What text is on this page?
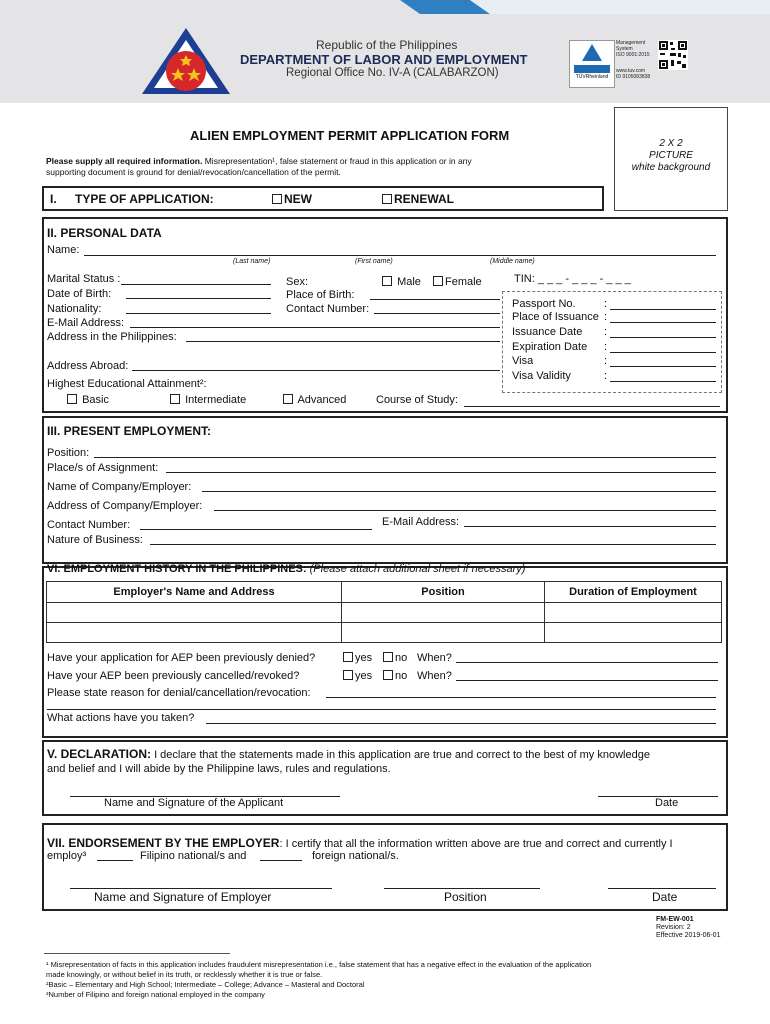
Republic of the Philippines
DEPARTMENT OF LABOR AND EMPLOYMENT
Regional Office No. IV-A (CALABARZON)	TÜVRheinland
Management
System
ISO 9001:2015
www.tuv.com
ID 9105083838
ALIEN EMPLOYMENT PERMIT APPLICATION FORM
Please supply all required information. Misrepresentation¹, false statement or fraud in this application or in any
supporting document is ground for denial/revocation/cancellation of the permit.
2 X 2
PICTURE
white background
I. TYPE OF APPLICATION:	NEW	RENEWAL
II. PERSONAL DATA
Name:
(Last name)	(First name)	(Middle name)
Marital Status :
Date of Birth:
Nationality:
E-Mail Address:
Address in the Philippines:
Address Abroad:
Highest Educational Attainment²:
Basic	Intermediate	Advanced	Course of Study:
Sex:	Male	Female
Place of Birth:
Contact Number:
TIN: _ _ _ - _ _ _ - _ _ _
Passport No.	:
Place of Issuance :
Issuance Date :
Expiration Date :
Visa	:
Visa Validity	:
III. PRESENT EMPLOYMENT:
Position:
Place/s of Assignment:
Name of Company/Employer:
Address of Company/Employer:
Contact Number:	E-Mail Address:
Nature of Business:
VI. EMPLOYMENT HISTORY IN THE PHILIPPINES: (Please attach additional sheet if necessary)
Employer's Name and Address	Position	Duration of Employment

Have your application for AEP been previously denied?	yes	no When?
Have your AEP been previously cancelled/revoked?	yes	no When?
Please state reason for denial/cancellation/revocation:
What actions have you taken?
V. DECLARATION: I declare that the statements made in this application are true and correct to the best of my knowledge
and belief and I will abide by the Philippine laws, rules and regulations.
Name and Signature of the Applicant	Date
VII. ENDORSEMENT BY THE EMPLOYER: I certify that all the information written above are true and correct and currently I
employ³	Filipino national/s and	foreign national/s.
Name and Signature of Employer	Position	Date
FM-EW-001
Revision: 2
Effective 2019-06-01
¹ Misrepresentation of facts in this application includes fraudulent misrepresentation i.e., false statement that has a negative effect in the evaluation of the application
made knowingly, or without belief in its truth, or recklessly whether it is true or false.
²Basic – Elementary and High School; Intermediate – College; Advance – Masteral and Doctoral
³Number of Filipino and foreign national employed in the company
